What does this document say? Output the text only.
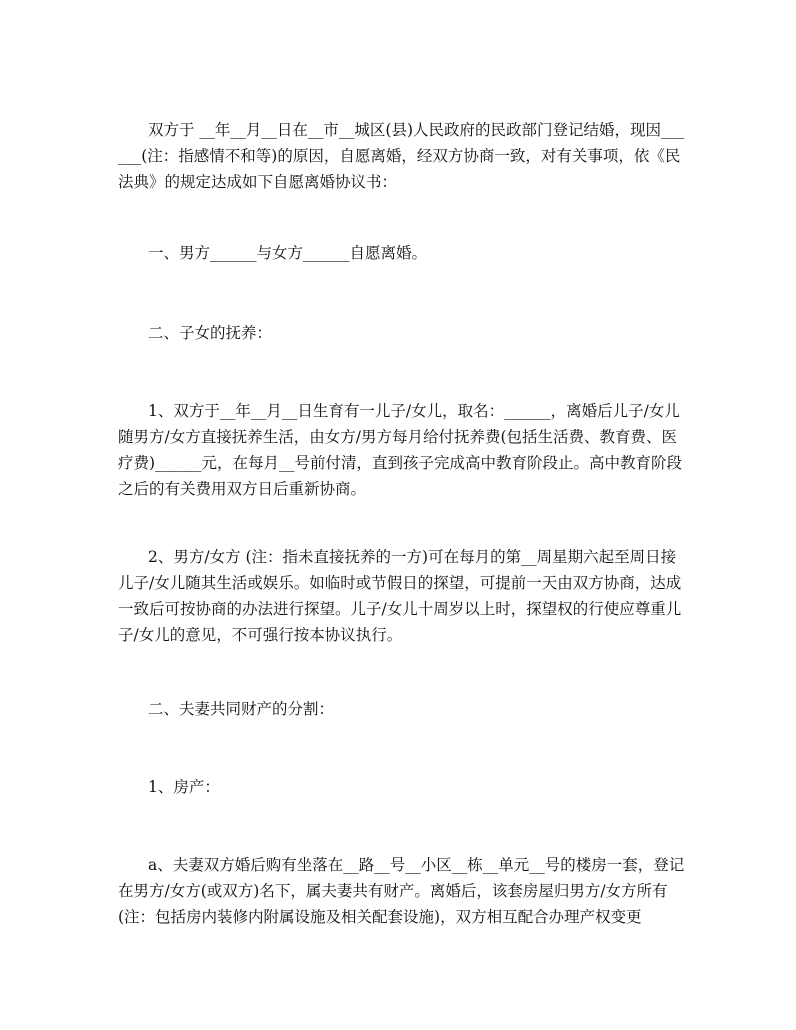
双方于 __年__月__日在__市__城区(县)人民政府的民政部门登记结婚，现因______(注：指感情不和等)的原因，自愿离婚，经双方协商一致，对有关事项，依《民法典》的规定达成如下自愿离婚协议书：

一、男方______与女方______自愿离婚。

二、子女的抚养：

1、双方于__年__月__日生育有一儿子/女儿，取名：______，离婚后儿子/女儿随男方/女方直接抚养生活，由女方/男方每月给付抚养费(包括生活费、教育费、医疗费)______元，在每月__号前付清，直到孩子完成高中教育阶段止。高中教育阶段之后的有关费用双方日后重新协商。

2、男方/女方 (注：指未直接抚养的一方)可在每月的第__周星期六起至周日接儿子/女儿随其生活或娱乐。如临时或节假日的探望，可提前一天由双方协商，达成一致后可按协商的办法进行探望。儿子/女儿十周岁以上时，探望权的行使应尊重儿子/女儿的意见，不可强行按本协议执行。

二、夫妻共同财产的分割：

1、房产：

a、夫妻双方婚后购有坐落在__路__号__小区__栋__单元__号的楼房一套，登记在男方/女方(或双方)名下，属夫妻共有财产。离婚后，该套房屋归男方/女方所有 (注：包括房内装修内附属设施及相关配套设施)，双方相互配合办理产权变更
